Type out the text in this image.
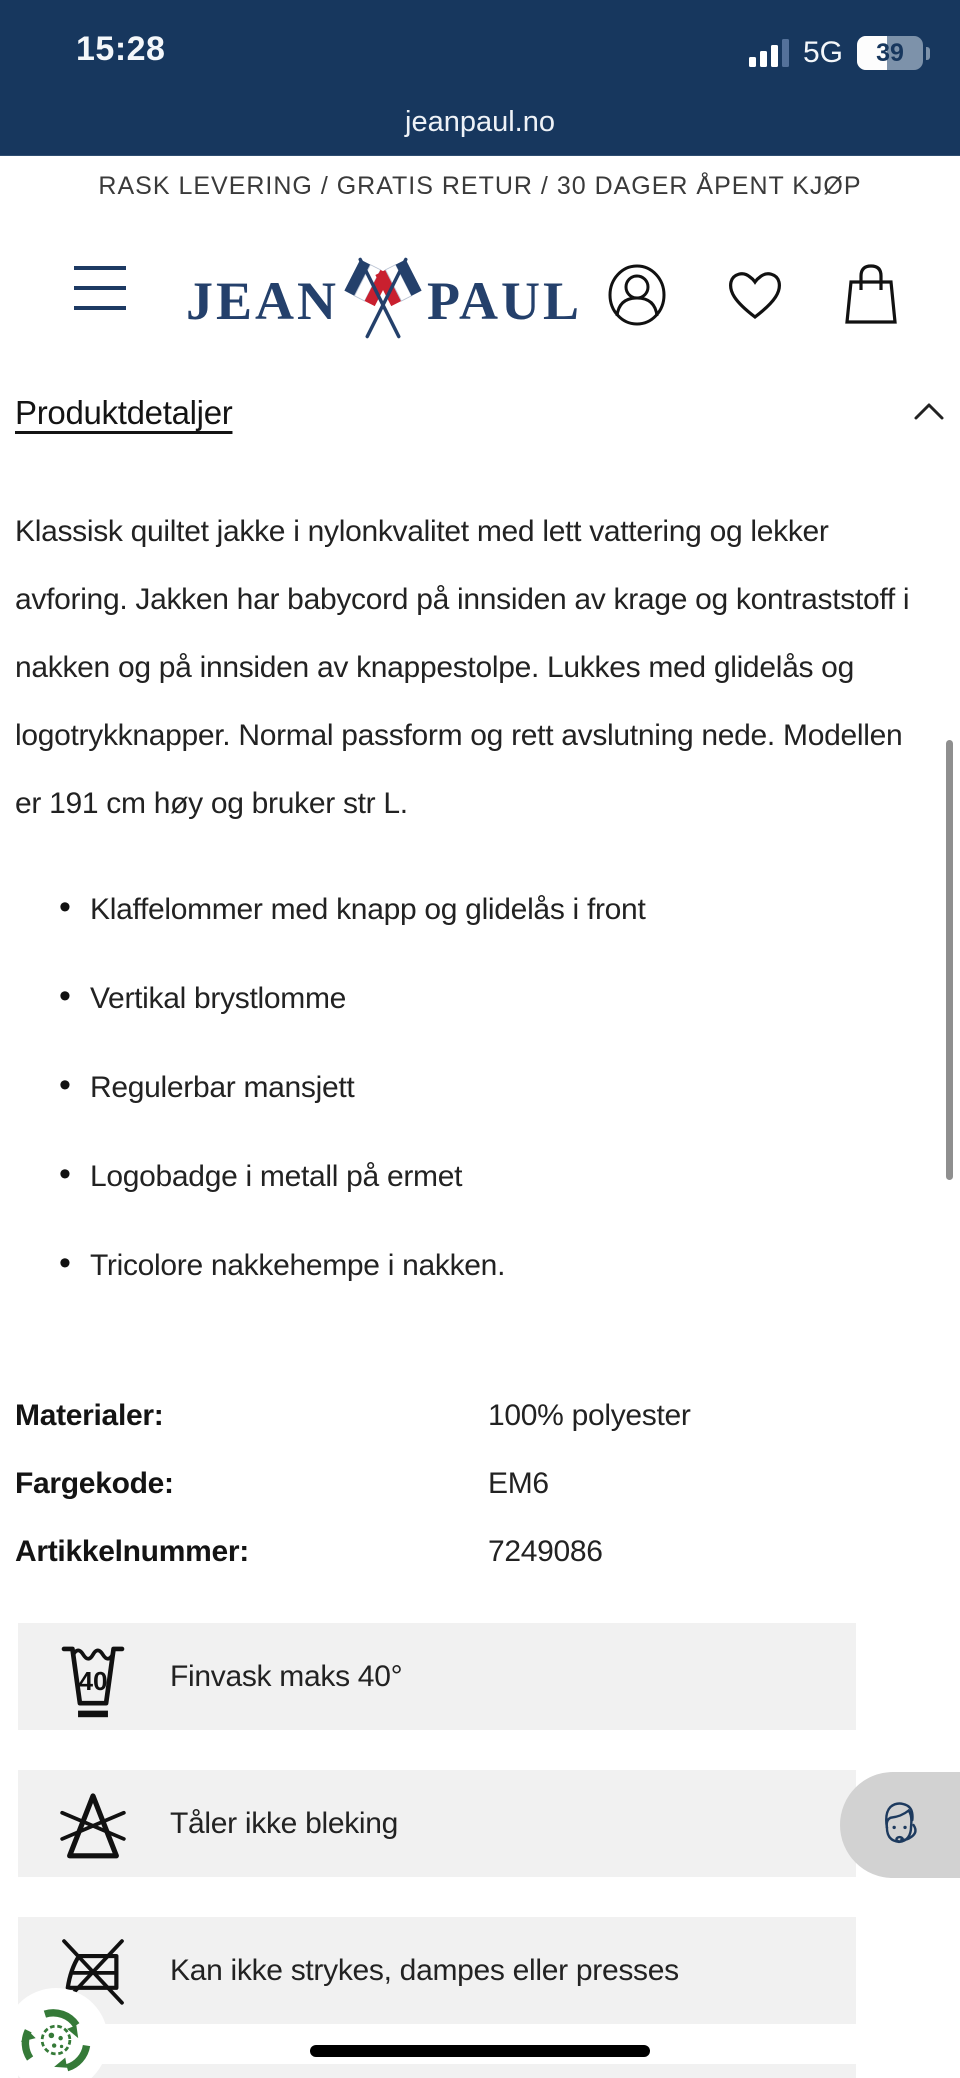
15:28	5G	39
jeanpaul.no
RASK LEVERING / GRATIS RETUR / 30 DAGER ÅPENT KJØP
JEAN PAUL
Produktdetaljer

Klassisk quiltet jakke i nylonkvalitet med lett vattering og lekker avforing. Jakken har babycord på innsiden av krage og kontraststoff i nakken og på innsiden av knappestolpe. Lukkes med glidelås og logotrykknapper. Normal passform og rett avslutning nede. Modellen er 191 cm høy og bruker str L.

• Klaffelommer med knapp og glidelås i front
• Vertikal brystlomme
• Regulerbar mansjett
• Logobadge i metall på ermet
• Tricolore nakkehempe i nakken.
Materialer:	100% polyester
Fargekode:	EM6
Artikkelnummer:	7249086
40 Finvask maks 40°
Tåler ikke bleking
Kan ikke strykes, dampes eller presses
